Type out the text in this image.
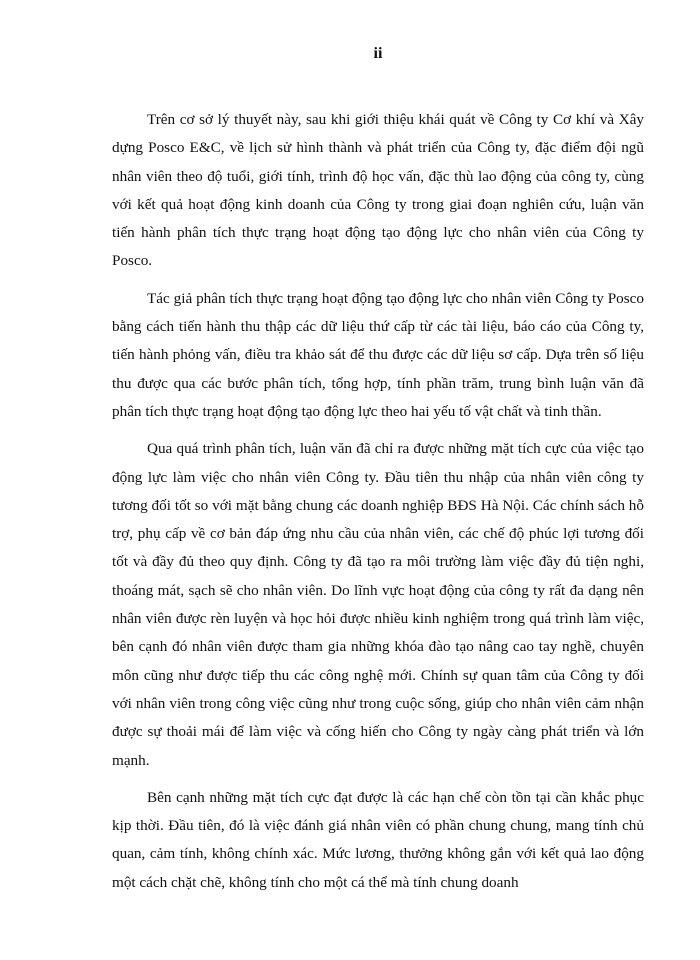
ii

Trên cơ sở lý thuyết này, sau khi giới thiệu khái quát về Công ty Cơ khí và Xây dựng Posco E&C, về lịch sử hình thành và phát triển của Công ty, đặc điểm đội ngũ nhân viên theo độ tuổi, giới tính, trình độ học vấn, đặc thù lao động của công ty, cùng với kết quả hoạt động kinh doanh của Công ty trong giai đoạn nghiên cứu, luận văn tiến hành phân tích thực trạng hoạt động tạo động lực cho nhân viên của Công ty Posco.

Tác giả phân tích thực trạng hoạt động tạo động lực cho nhân viên Công ty Posco bằng cách tiến hành thu thập các dữ liệu thứ cấp từ các tài liệu, báo cáo của Công ty, tiến hành phỏng vấn, điều tra khảo sát để thu được các dữ liệu sơ cấp. Dựa trên số liệu thu được qua các bước phân tích, tổng hợp, tính phần trăm, trung bình luận văn đã phân tích thực trạng hoạt động tạo động lực theo hai yếu tố vật chất và tinh thần.

Qua quá trình phân tích, luận văn đã chỉ ra được những mặt tích cực của việc tạo động lực làm việc cho nhân viên Công ty. Đầu tiên thu nhập của nhân viên công ty tương đối tốt so với mặt bằng chung các doanh nghiệp BĐS Hà Nội. Các chính sách hỗ trợ, phụ cấp về cơ bản đáp ứng nhu cầu của nhân viên, các chế độ phúc lợi tương đối tốt và đầy đủ theo quy định. Công ty đã tạo ra môi trường làm việc đầy đủ tiện nghi, thoáng mát, sạch sẽ cho nhân viên. Do lĩnh vực hoạt động của công ty rất đa dạng nên nhân viên được rèn luyện và học hỏi được nhiều kinh nghiệm trong quá trình làm việc, bên cạnh đó nhân viên được tham gia những khóa đào tạo nâng cao tay nghề, chuyên môn cũng như được tiếp thu các công nghệ mới. Chính sự quan tâm của Công ty đối với nhân viên trong công việc cũng như trong cuộc sống, giúp cho nhân viên cảm nhận được sự thoải mái để làm việc và cống hiến cho Công ty ngày càng phát triển và lớn mạnh.

Bên cạnh những mặt tích cực đạt được là các hạn chế còn tồn tại cần khắc phục kịp thời. Đầu tiên, đó là việc đánh giá nhân viên có phần chung chung, mang tính chủ quan, cảm tính, không chính xác. Mức lương, thưởng không gắn với kết quả lao động một cách chặt chẽ, không tính cho một cá thể mà tính chung doanh
